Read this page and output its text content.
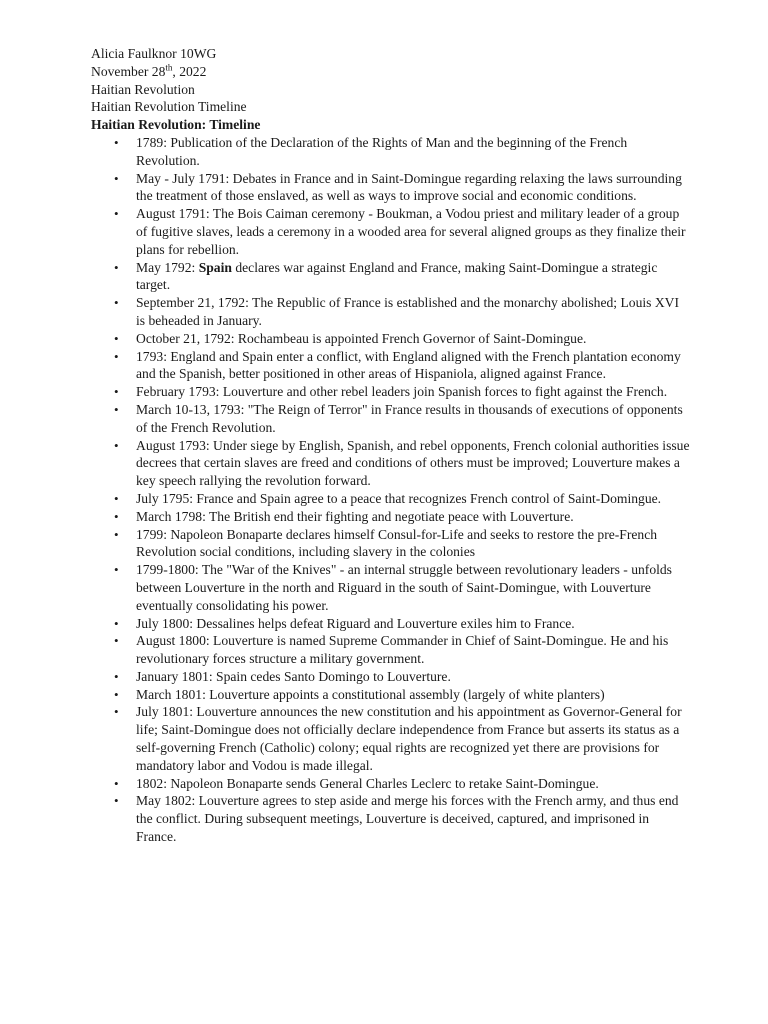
Alicia Faulknor 10WG
November 28th, 2022
Haitian Revolution
Haitian Revolution Timeline
Haitian Revolution: Timeline
• 1789: Publication of the Declaration of the Rights of Man and the beginning of the French Revolution.
• May - July 1791: Debates in France and in Saint-Domingue regarding relaxing the laws surrounding the treatment of those enslaved, as well as ways to improve social and economic conditions.
• August 1791: The Bois Caiman ceremony - Boukman, a Vodou priest and military leader of a group of fugitive slaves, leads a ceremony in a wooded area for several aligned groups as they finalize their plans for rebellion.
• May 1792: Spain declares war against England and France, making Saint-Domingue a strategic target.
• September 21, 1792: The Republic of France is established and the monarchy abolished; Louis XVI is beheaded in January.
• October 21, 1792: Rochambeau is appointed French Governor of Saint-Domingue.
• 1793: England and Spain enter a conflict, with England aligned with the French plantation economy and the Spanish, better positioned in other areas of Hispaniola, aligned against France.
• February 1793: Louverture and other rebel leaders join Spanish forces to fight against the French.
• March 10-13, 1793: "The Reign of Terror" in France results in thousands of executions of opponents of the French Revolution.
• August 1793: Under siege by English, Spanish, and rebel opponents, French colonial authorities issue decrees that certain slaves are freed and conditions of others must be improved; Louverture makes a key speech rallying the revolution forward.
• July 1795: France and Spain agree to a peace that recognizes French control of Saint-Domingue.
• March 1798: The British end their fighting and negotiate peace with Louverture.
• 1799: Napoleon Bonaparte declares himself Consul-for-Life and seeks to restore the pre-French Revolution social conditions, including slavery in the colonies
• 1799-1800: The "War of the Knives" - an internal struggle between revolutionary leaders - unfolds between Louverture in the north and Riguard in the south of Saint-Domingue, with Louverture eventually consolidating his power.
• July 1800: Dessalines helps defeat Riguard and Louverture exiles him to France.
• August 1800: Louverture is named Supreme Commander in Chief of Saint-Domingue. He and his revolutionary forces structure a military government.
• January 1801: Spain cedes Santo Domingo to Louverture.
• March 1801: Louverture appoints a constitutional assembly (largely of white planters)
• July 1801: Louverture announces the new constitution and his appointment as Governor-General for life; Saint-Domingue does not officially declare independence from France but asserts its status as a self-governing French (Catholic) colony; equal rights are recognized yet there are provisions for mandatory labor and Vodou is made illegal.
• 1802: Napoleon Bonaparte sends General Charles Leclerc to retake Saint-Domingue.
• May 1802: Louverture agrees to step aside and merge his forces with the French army, and thus end the conflict. During subsequent meetings, Louverture is deceived, captured, and imprisoned in France.
